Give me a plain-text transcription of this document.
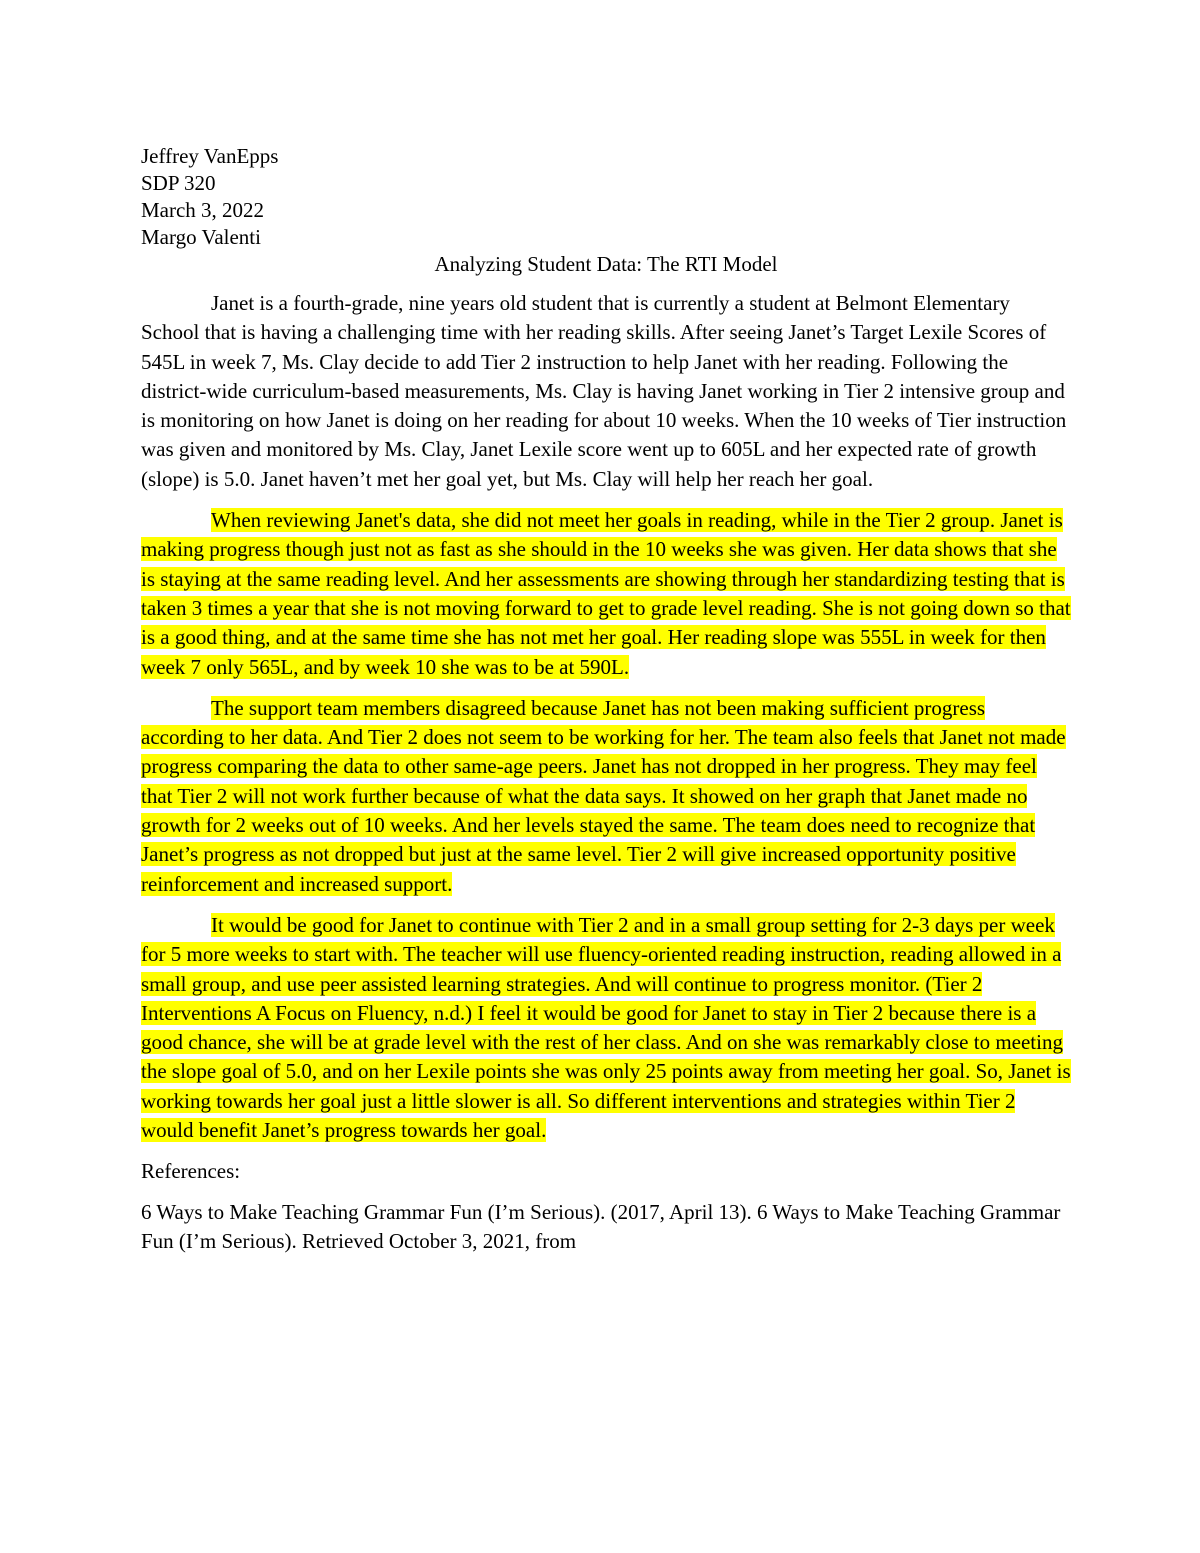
Jeffrey VanEpps

SDP 320

March 3, 2022

Margo Valenti

Analyzing Student Data: The RTI Model

Janet is a fourth-grade, nine years old student that is currently a student at Belmont Elementary School that is having a challenging time with her reading skills. After seeing Janet’s Target Lexile Scores of 545L in week 7, Ms. Clay decide to add Tier 2 instruction to help Janet with her reading. Following the district-wide curriculum-based measurements, Ms. Clay is having Janet working in Tier 2 intensive group and is monitoring on how Janet is doing on her reading for about 10 weeks. When the 10 weeks of Tier instruction was given and monitored by Ms. Clay, Janet Lexile score went up to 605L and her expected rate of growth (slope) is 5.0. Janet haven’t met her goal yet, but Ms. Clay will help her reach her goal.

When reviewing Janet's data, she did not meet her goals in reading, while in the Tier 2 group. Janet is making progress though just not as fast as she should in the 10 weeks she was given. Her data shows that she is staying at the same reading level. And her assessments are showing through her standardizing testing that is taken 3 times a year that she is not moving forward to get to grade level reading. She is not going down so that is a good thing, and at the same time she has not met her goal. Her reading slope was 555L in week for then week 7 only 565L, and by week 10 she was to be at 590L.

The support team members disagreed because Janet has not been making sufficient progress according to her data. And Tier 2 does not seem to be working for her. The team also feels that Janet not made progress comparing the data to other same-age peers. Janet has not dropped in her progress. They may feel that Tier 2 will not work further because of what the data says. It showed on her graph that Janet made no growth for 2 weeks out of 10 weeks. And her levels stayed the same. The team does need to recognize that Janet’s progress as not dropped but just at the same level. Tier 2 will give increased opportunity positive reinforcement and increased support.

It would be good for Janet to continue with Tier 2 and in a small group setting for 2-3 days per week for 5 more weeks to start with. The teacher will use fluency-oriented reading instruction, reading allowed in a small group, and use peer assisted learning strategies. And will continue to progress monitor. (Tier 2 Interventions A Focus on Fluency, n.d.) I feel it would be good for Janet to stay in Tier 2 because there is a good chance, she will be at grade level with the rest of her class. And on she was remarkably close to meeting the slope goal of 5.0, and on her Lexile points she was only 25 points away from meeting her goal. So, Janet is working towards her goal just a little slower is all. So different interventions and strategies within Tier 2 would benefit Janet’s progress towards her goal.

References:

6 Ways to Make Teaching Grammar Fun (I’m Serious). (2017, April 13). 6 Ways to Make Teaching Grammar Fun (I’m Serious). Retrieved October 3, 2021, from
